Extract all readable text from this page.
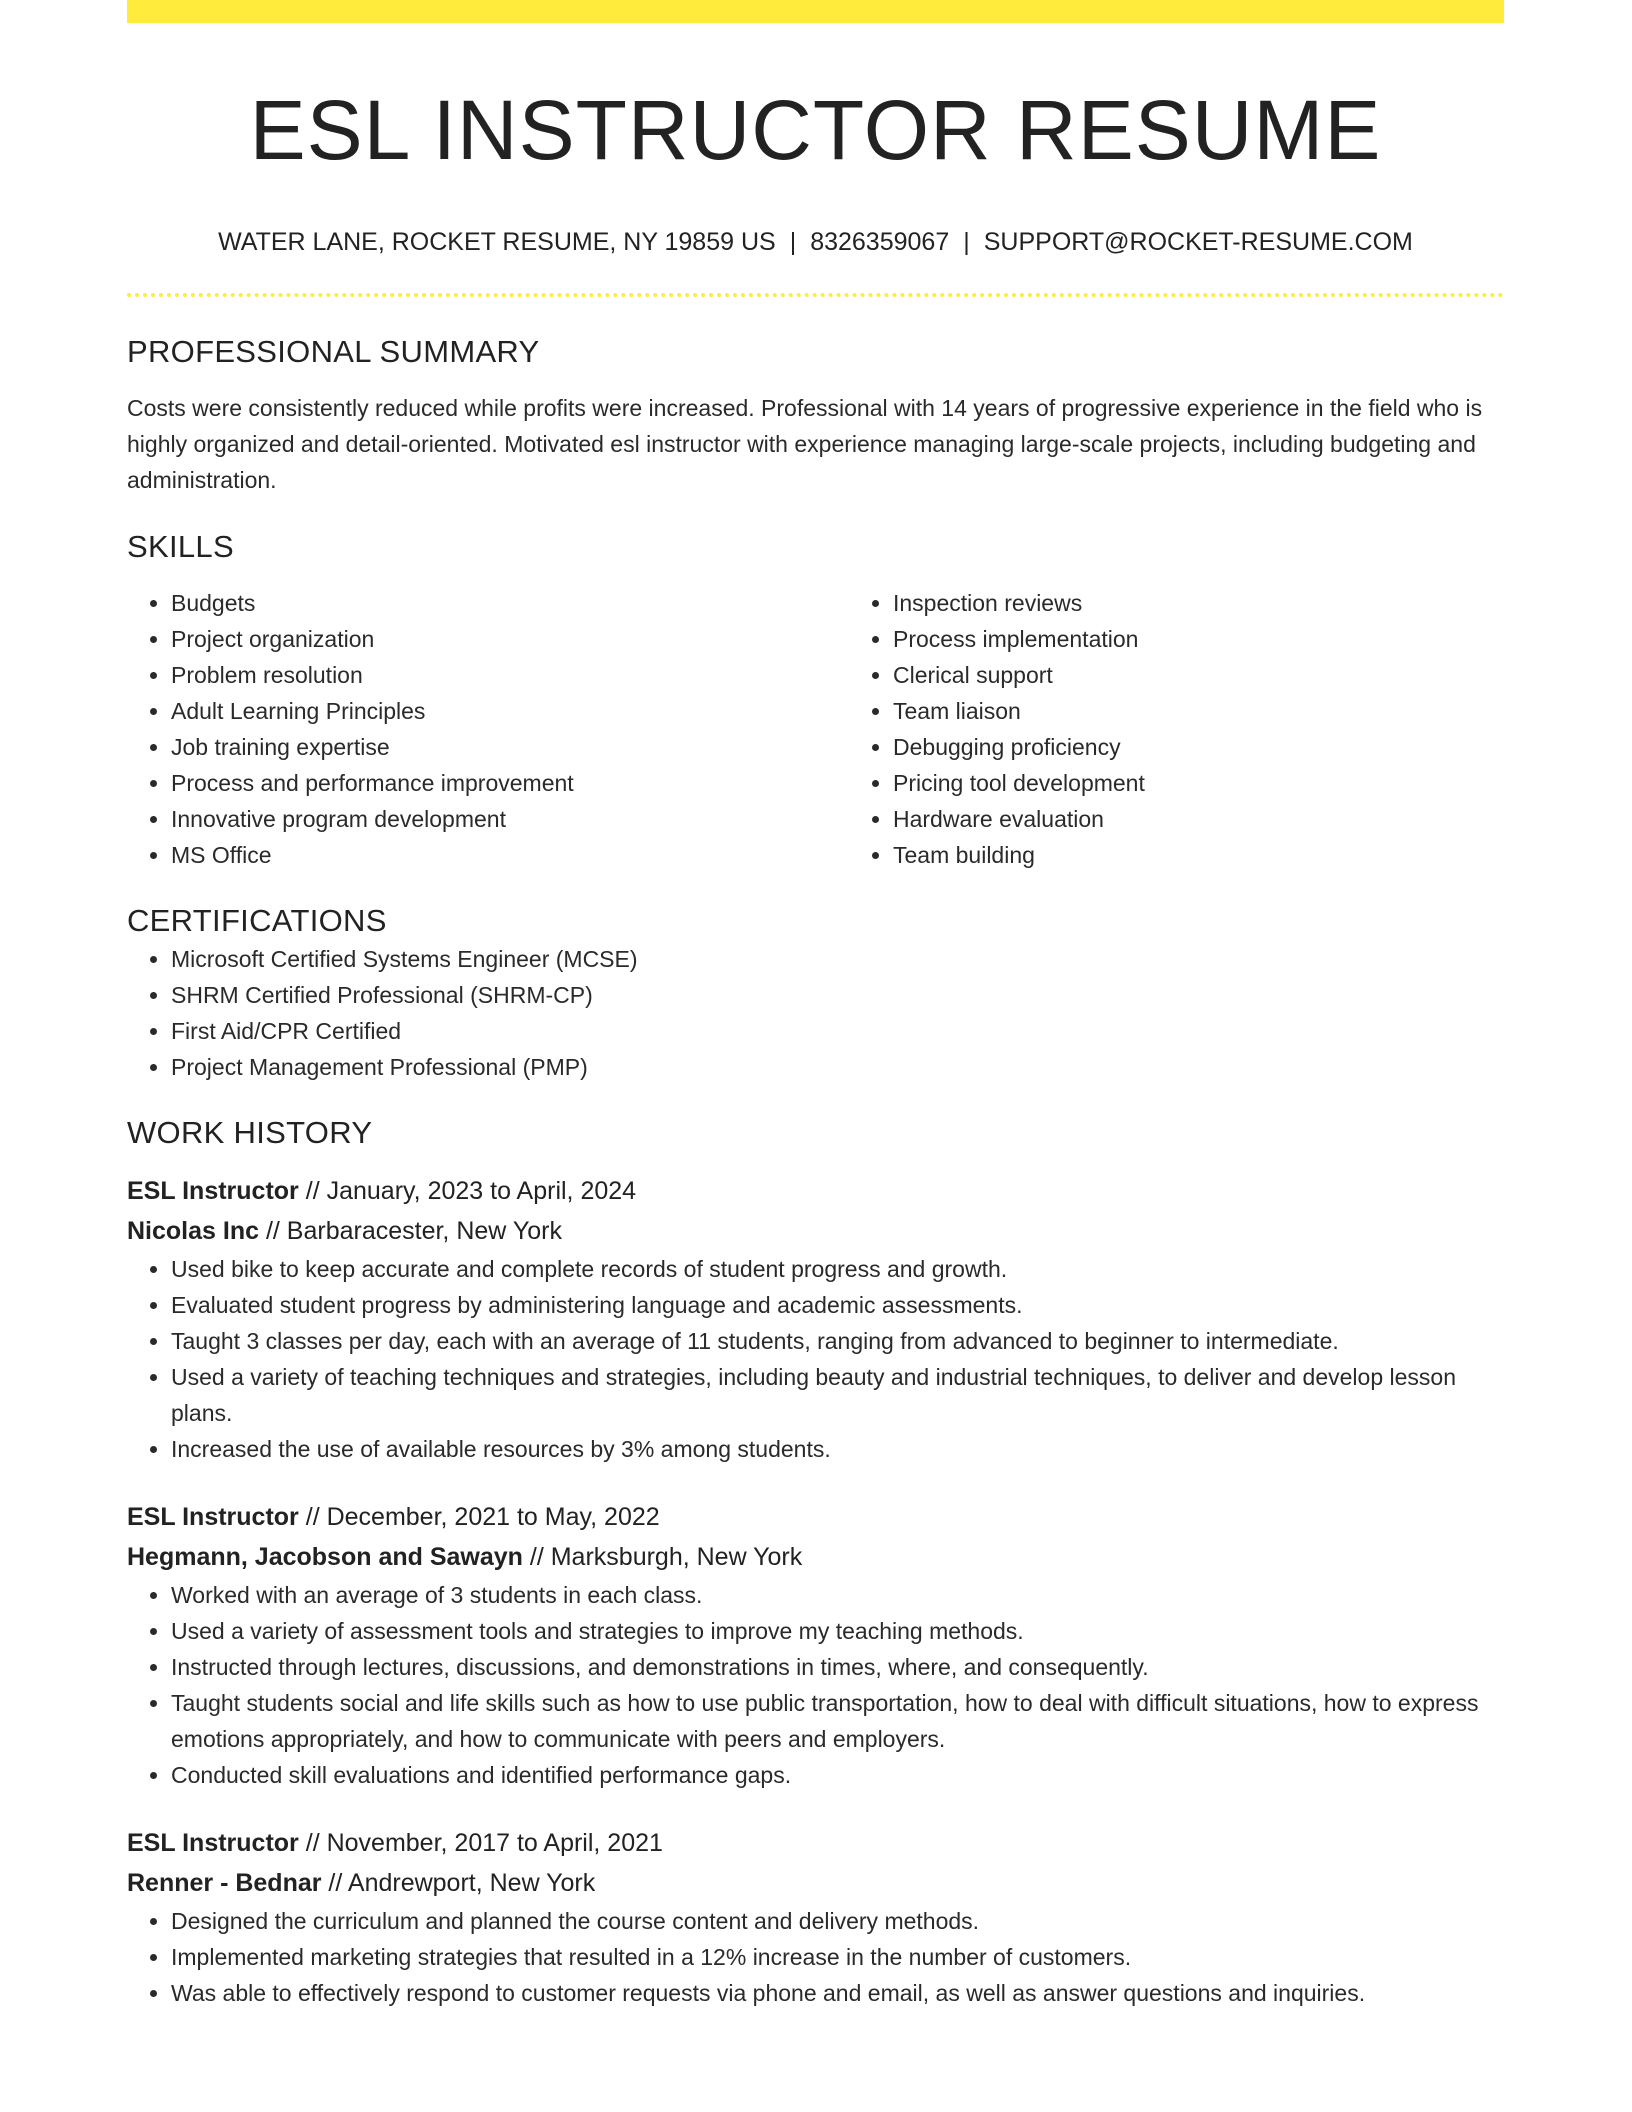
ESL INSTRUCTOR RESUME
WATER LANE, ROCKET RESUME, NY 19859 US | 8326359067 | SUPPORT@ROCKET-RESUME.COM
PROFESSIONAL SUMMARY

Costs were consistently reduced while profits were increased. Professional with 14 years of progressive experience in the field who is highly organized and detail-oriented. Motivated esl instructor with experience managing large-scale projects, including budgeting and administration.

SKILLS
• Budgets
• Project organization
• Problem resolution
• Adult Learning Principles
• Job training expertise
• Process and performance improvement
• Innovative program development
• MS Office
• Inspection reviews
• Process implementation
• Clerical support
• Team liaison
• Debugging proficiency
• Pricing tool development
• Hardware evaluation
• Team building
CERTIFICATIONS
• Microsoft Certified Systems Engineer (MCSE)
• SHRM Certified Professional (SHRM-CP)
• First Aid/CPR Certified
• Project Management Professional (PMP)
WORK HISTORY
ESL Instructor // January, 2023 to April, 2024
Nicolas Inc // Barbaracester, New York
• Used bike to keep accurate and complete records of student progress and growth.
• Evaluated student progress by administering language and academic assessments.
• Taught 3 classes per day, each with an average of 11 students, ranging from advanced to beginner to intermediate.
• Used a variety of teaching techniques and strategies, including beauty and industrial techniques, to deliver and develop lesson plans.
• Increased the use of available resources by 3% among students.
ESL Instructor // December, 2021 to May, 2022
Hegmann, Jacobson and Sawayn // Marksburgh, New York
• Worked with an average of 3 students in each class.
• Used a variety of assessment tools and strategies to improve my teaching methods.
• Instructed through lectures, discussions, and demonstrations in times, where, and consequently.
• Taught students social and life skills such as how to use public transportation, how to deal with difficult situations, how to express emotions appropriately, and how to communicate with peers and employers.
• Conducted skill evaluations and identified performance gaps.
ESL Instructor // November, 2017 to April, 2021
Renner - Bednar // Andrewport, New York
• Designed the curriculum and planned the course content and delivery methods.
• Implemented marketing strategies that resulted in a 12% increase in the number of customers.
• Was able to effectively respond to customer requests via phone and email, as well as answer questions and inquiries.
